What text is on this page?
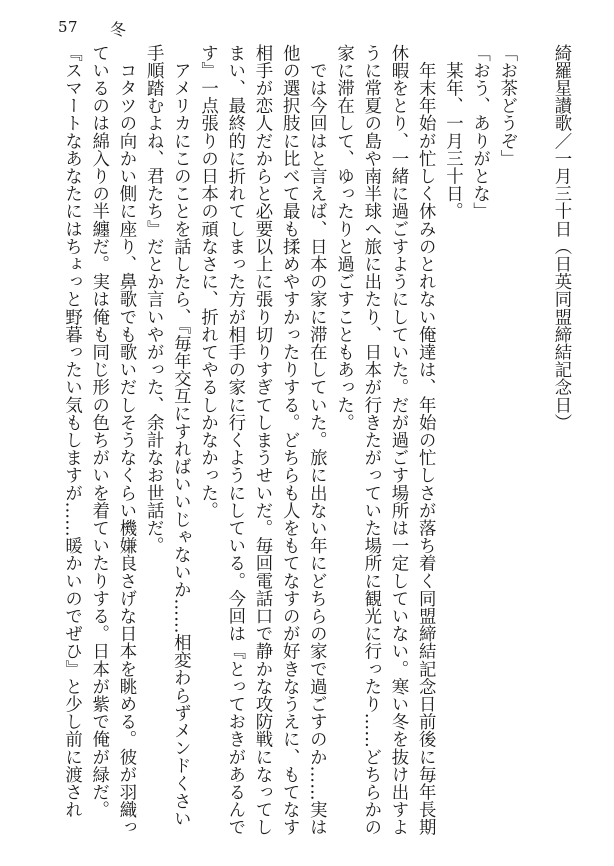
57 冬

綺羅星讃歌／一月三十日（日英同盟締結記念日）

「お茶どうぞ」

「おう、ありがとな」

　某年、一月三十日。

　年末年始が忙しく休みのとれない俺達は、年始の忙しさが落ち着く同盟締結記念日前後に毎年長期

休暇をとり、一緒に過ごすようにしていた。だが過ごす場所は一定していない。寒い冬を抜け出すよ

うに常夏の島や南半球へ旅に出たり、日本が行きたがっていた場所に観光に行ったり……どちらかの

家に滞在して、ゆったりと過ごすこともあった。

　では今回はと言えば、日本の家に滞在していた。旅に出ない年にどちらの家で過ごすのか……実は

他の選択肢に比べて最も揉めやすかったりする。どちらも人をもてなすのが好きなうえに、もてなす

相手が恋人だからと必要以上に張り切りすぎてしまうせいだ。毎回電話口で静かな攻防戦になってし

まい、最終的に折れてしまった方が相手の家に行くようにしている。今回は『とっておきがあるんで

す』一点張りの日本の頑なさに、折れてやるしかなかった。

　アメリカにこのことを話したら、『毎年交互にすればいいじゃないか……相変わらずメンドくさい

手順踏むよね、君たち』だとか言いやがった、余計なお世話だ。

　コタツの向かい側に座り、鼻歌でも歌いだしそうなくらい機嫌良さげな日本を眺める。彼が羽織っ

ているのは綿入りの半纏だ。実は俺も同じ形の色ちがいを着ていたりする。日本が紫で俺が緑だ。

『スマートなあなたにはちょっと野暮ったい気もしますが……暖かいのでぜひ』と少し前に渡され
